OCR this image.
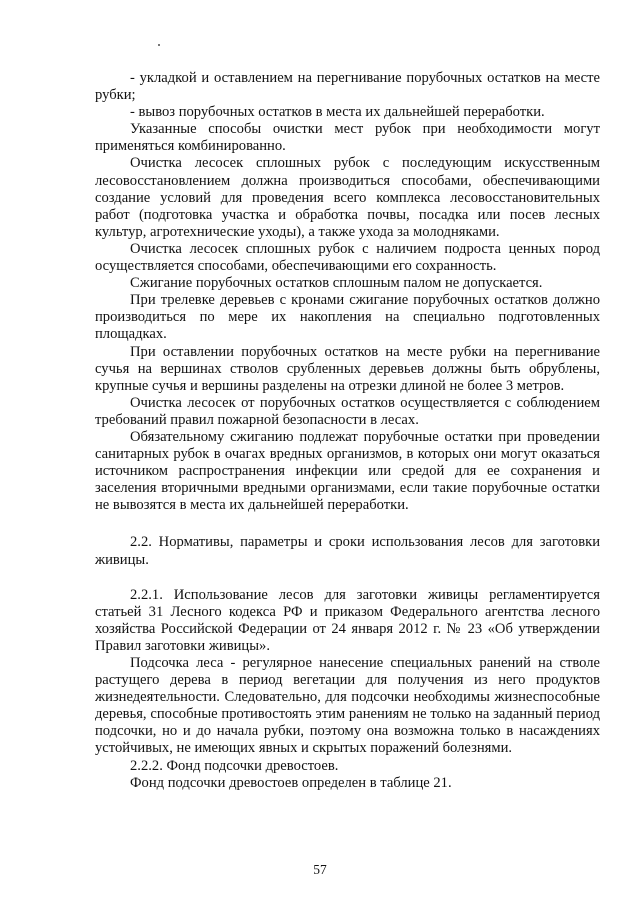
- укладкой и оставлением на перегнивание порубочных остатков на месте рубки;

- вывоз порубочных остатков в места их дальнейшей переработки.

Указанные способы очистки мест рубок при необходимости могут применяться комбинированно.

Очистка лесосек сплошных рубок с последующим искусственным лесовосстановлением должна производиться способами, обеспечивающими создание условий для проведения всего комплекса лесовосстановительных работ (подготовка участка и обработка почвы, посадка или посев лесных культур, агротехнические уходы), а также ухода за молодняками.

Очистка лесосек сплошных рубок с наличием подроста ценных пород осуществляется способами, обеспечивающими его сохранность.

Сжигание порубочных остатков сплошным палом не допускается.

При трелевке деревьев с кронами сжигание порубочных остатков должно производиться по мере их накопления на специально подготовленных площадках.

При оставлении порубочных остатков на месте рубки на перегнивание сучья на вершинах стволов срубленных деревьев должны быть обрублены, крупные сучья и вершины разделены на отрезки длиной не более 3 метров.

Очистка лесосек от порубочных остатков осуществляется с соблюдением требований правил пожарной безопасности в лесах.

Обязательному сжиганию подлежат порубочные остатки при проведении санитарных рубок в очагах вредных организмов, в которых они могут оказаться источником распространения инфекции или средой для ее сохранения и заселения вторичными вредными организмами, если такие порубочные остатки не вывозятся в места их дальнейшей переработки.

2.2. Нормативы, параметры и сроки использования лесов для заготовки живицы.

2.2.1. Использование лесов для заготовки живицы регламентируется статьей 31 Лесного кодекса РФ и приказом Федерального агентства лесного хозяйства Российской Федерации от 24 января 2012 г. № 23 «Об утверждении Правил заготовки живицы».

Подсочка леса - регулярное нанесение специальных ранений на стволе растущего дерева в период вегетации для получения из него продуктов жизнедеятельности. Следовательно, для подсочки необходимы жизнеспособные деревья, способные противостоять этим ранениям не только на заданный период подсочки, но и до начала рубки, поэтому она возможна только в насаждениях устойчивых, не имеющих явных и скрытых поражений болезнями.

2.2.2. Фонд подсочки древостоев.

Фонд подсочки древостоев определен в таблице 21.

57
